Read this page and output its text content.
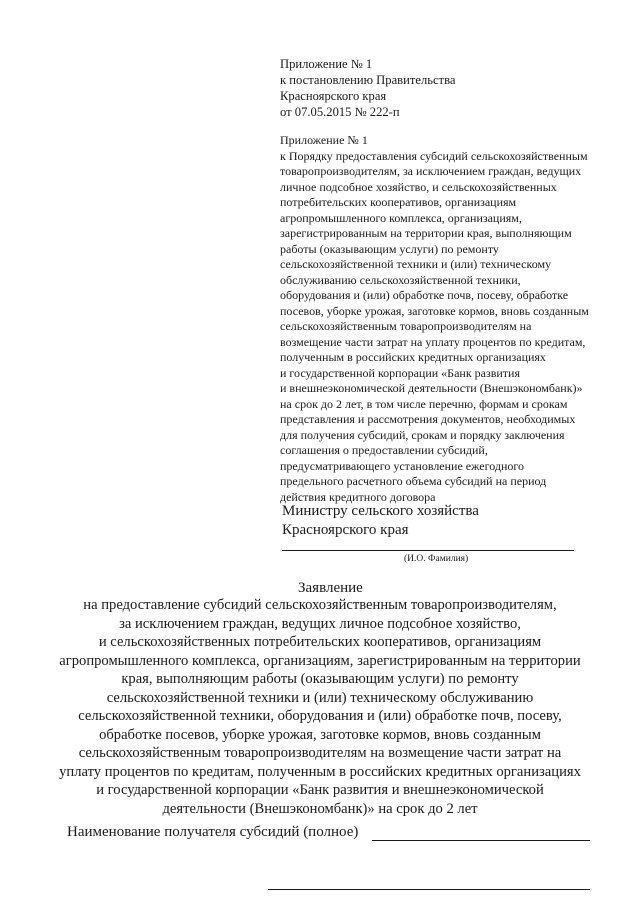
Приложение № 1
к постановлению Правительства
Красноярского края
от 07.05.2015 № 222-п
Приложение № 1
к Порядку предоставления субсидий сельскохозяйственным
товаропроизводителям, за исключением граждан, ведущих
личное подсобное хозяйство, и сельскохозяйственных
потребительских кооперативов, организациям
агропромышленного комплекса, организациям,
зарегистрированным на территории края, выполняющим
работы (оказывающим услуги) по ремонту
сельскохозяйственной техники и (или) техническому
обслуживанию сельскохозяйственной техники,
оборудования и (или) обработке почв, посеву, обработке
посевов, уборке урожая, заготовке кормов, вновь созданным
сельскохозяйственным товаропроизводителям на
возмещение части затрат на уплату процентов по кредитам,
полученным в российских кредитных организациях
и государственной корпорации «Банк развития
и внешнеэкономической деятельности (Внешэкономбанк)»
на срок до 2 лет, в том числе перечню, формам и срокам
представления и рассмотрения документов, необходимых
для получения субсидий, срокам и порядку заключения
соглашения о предоставлении субсидий,
предусматривающего установление ежегодного
предельного расчетного объема субсидий на период
действия кредитного договора
Министру сельского хозяйства
Красноярского края
(И.О. Фамилия)
Заявление
на предоставление субсидий сельскохозяйственным товаропроизводителям,
за исключением граждан, ведущих личное подсобное хозяйство,
и сельскохозяйственных потребительских кооперативов, организациям
агропромышленного комплекса, организациям, зарегистрированным на территории
края, выполняющим работы (оказывающим услуги) по ремонту
сельскохозяйственной техники и (или) техническому обслуживанию
сельскохозяйственной техники, оборудования и (или) обработке почв, посеву,
обработке посевов, уборке урожая, заготовке кормов, вновь созданным
сельскохозяйственным товаропроизводителям на возмещение части затрат на
уплату процентов по кредитам, полученным в российских кредитных организациях
и государственной корпорации «Банк развития и внешнеэкономической
деятельности (Внешэкономбанк)» на срок до 2 лет
Наименование получателя субсидий (полное)
